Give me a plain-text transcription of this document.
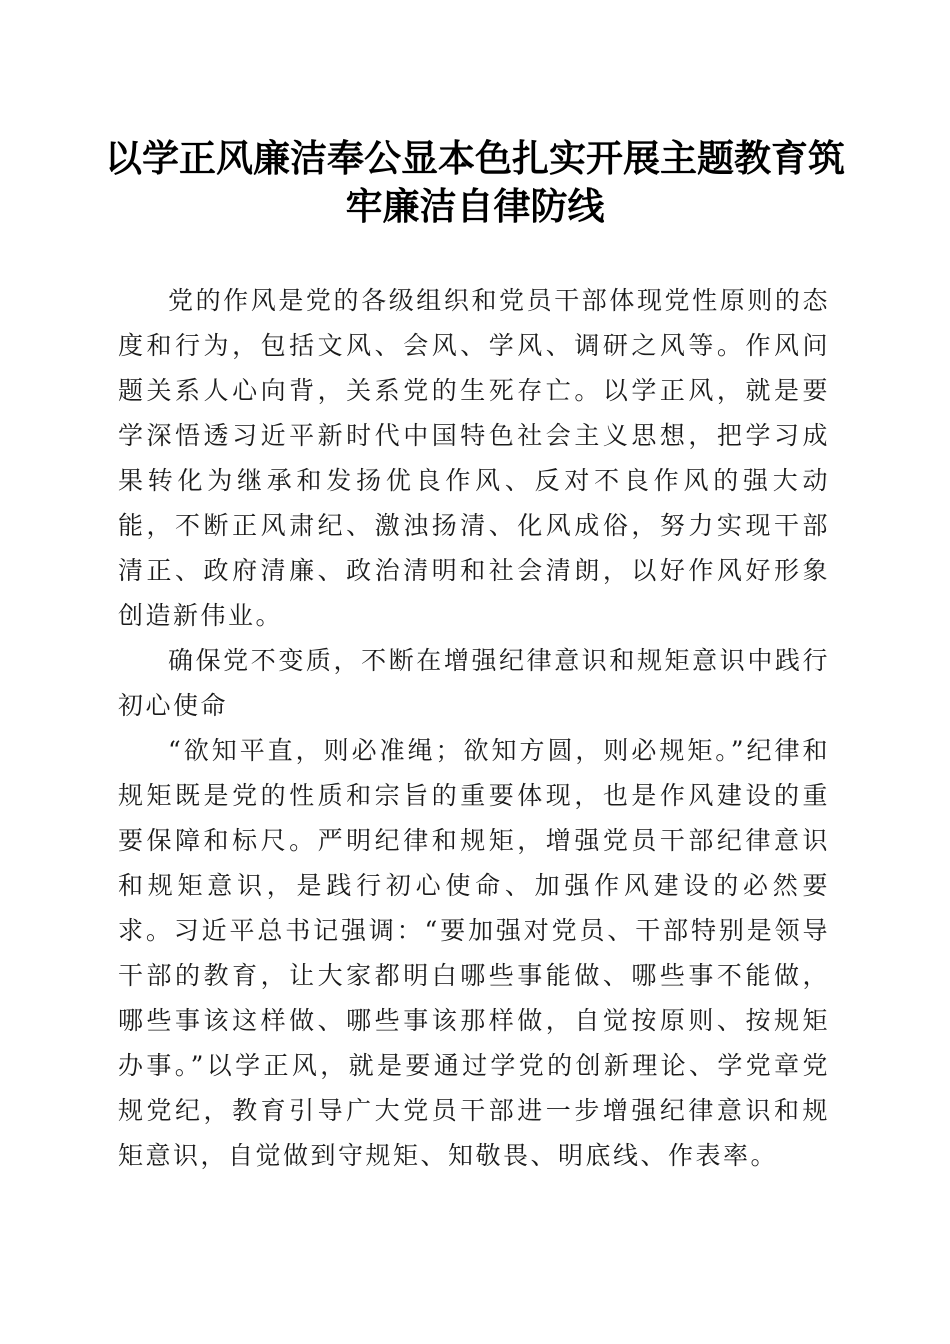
以学正风廉洁奉公显本色扎实开展主题教育筑牢廉洁自律防线

党的作风是党的各级组织和党员干部体现党性原则的态度和行为，包括文风、会风、学风、调研之风等。作风问题关系人心向背，关系党的生死存亡。以学正风，就是要学深悟透习近平新时代中国特色社会主义思想，把学习成果转化为继承和发扬优良作风、反对不良作风的强大动能，不断正风肃纪、激浊扬清、化风成俗，努力实现干部清正、政府清廉、政治清明和社会清朗，以好作风好形象创造新伟业。

确保党不变质，不断在增强纪律意识和规矩意识中践行初心使命

“欲知平直，则必准绳；欲知方圆，则必规矩。”纪律和规矩既是党的性质和宗旨的重要体现，也是作风建设的重要保障和标尺。严明纪律和规矩，增强党员干部纪律意识和规矩意识，是践行初心使命、加强作风建设的必然要求。习近平总书记强调：“要加强对党员、干部特别是领导干部的教育，让大家都明白哪些事能做、哪些事不能做，哪些事该这样做、哪些事该那样做，自觉按原则、按规矩办事。”以学正风，就是要通过学党的创新理论、学党章党规党纪，教育引导广大党员干部进一步增强纪律意识和规矩意识，自觉做到守规矩、知敬畏、明底线、作表率。
